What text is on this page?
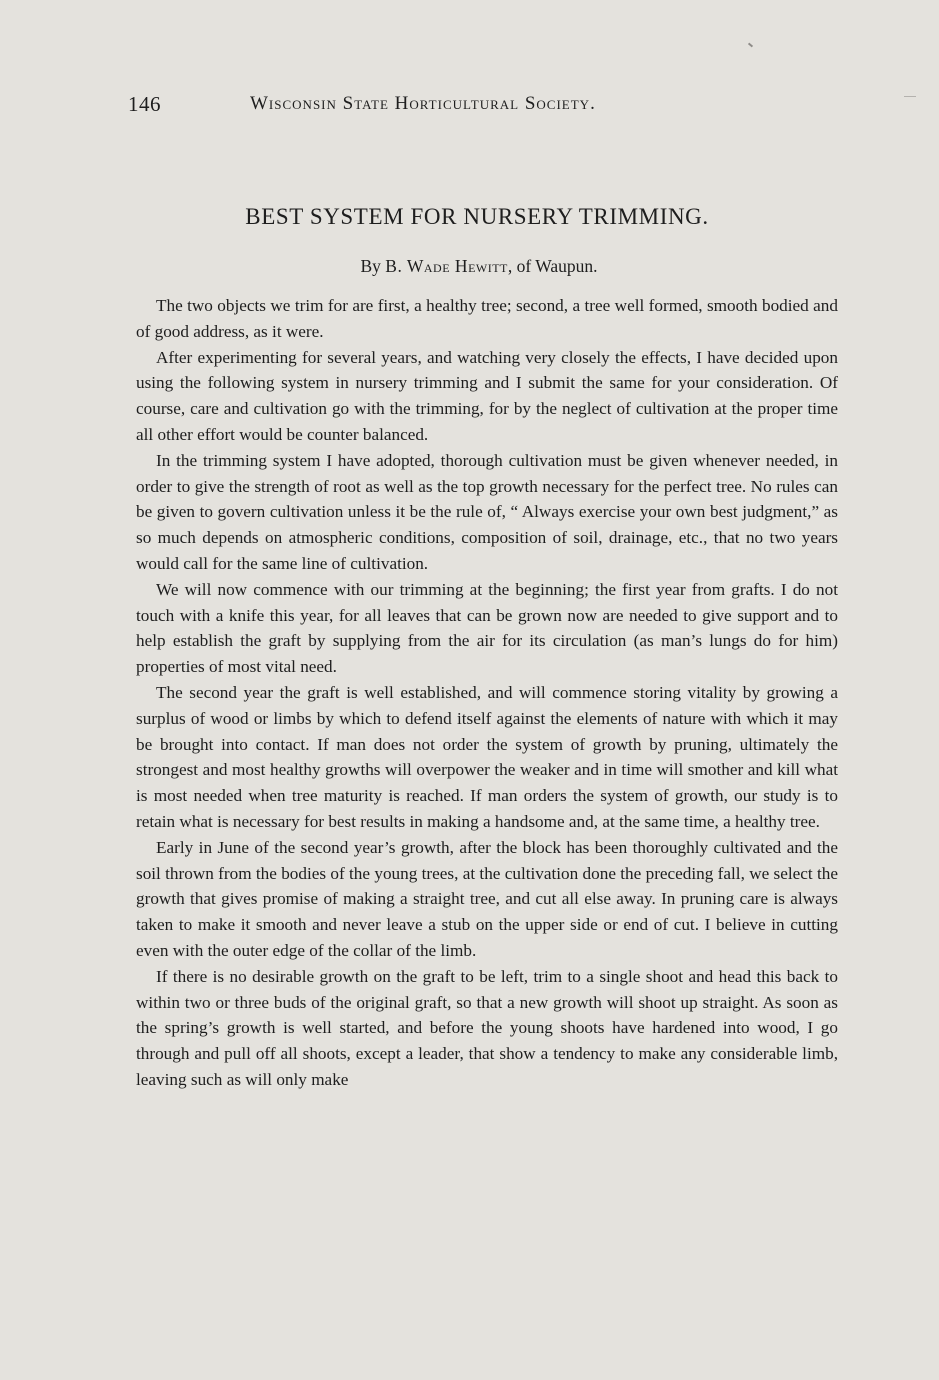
146	Wisconsin State Horticultural Society.
BEST SYSTEM FOR NURSERY TRIMMING.
By B. Wade Hewitt, of Waupun.

The two objects we trim for are first, a healthy tree; second, a tree well formed, smooth bodied and of good address, as it were.

After experimenting for several years, and watching very closely the effects, I have decided upon using the following system in nursery trimming and I submit the same for your consideration. Of course, care and cultivation go with the trimming, for by the neglect of cultivation at the proper time all other effort would be counter balanced.

In the trimming system I have adopted, thorough cultivation must be given whenever needed, in order to give the strength of root as well as the top growth necessary for the perfect tree. No rules can be given to govern cultivation unless it be the rule of, “ Always exercise your own best judgment,” as so much depends on atmospheric conditions, composition of soil, drainage, etc., that no two years would call for the same line of cultivation.

We will now commence with our trimming at the beginning; the first year from grafts. I do not touch with a knife this year, for all leaves that can be grown now are needed to give support and to help establish the graft by supplying from the air for its circulation (as man’s lungs do for him) properties of most vital need.

The second year the graft is well established, and will commence storing vitality by growing a surplus of wood or limbs by which to defend itself against the elements of nature with which it may be brought into contact. If man does not order the system of growth by pruning, ultimately the strongest and most healthy growths will overpower the weaker and in time will smother and kill what is most needed when tree maturity is reached. If man orders the system of growth, our study is to retain what is necessary for best results in making a handsome and, at the same time, a healthy tree.

Early in June of the second year’s growth, after the block has been thoroughly cultivated and the soil thrown from the bodies of the young trees, at the cultivation done the preceding fall, we select the growth that gives promise of making a straight tree, and cut all else away. In pruning care is always taken to make it smooth and never leave a stub on the upper side or end of cut. I believe in cutting even with the outer edge of the collar of the limb.

If there is no desirable growth on the graft to be left, trim to a single shoot and head this back to within two or three buds of the original graft, so that a new growth will shoot up straight. As soon as the spring’s growth is well started, and before the young shoots have hardened into wood, I go through and pull off all shoots, except a leader, that show a tendency to make any considerable limb, leaving such as will only make
